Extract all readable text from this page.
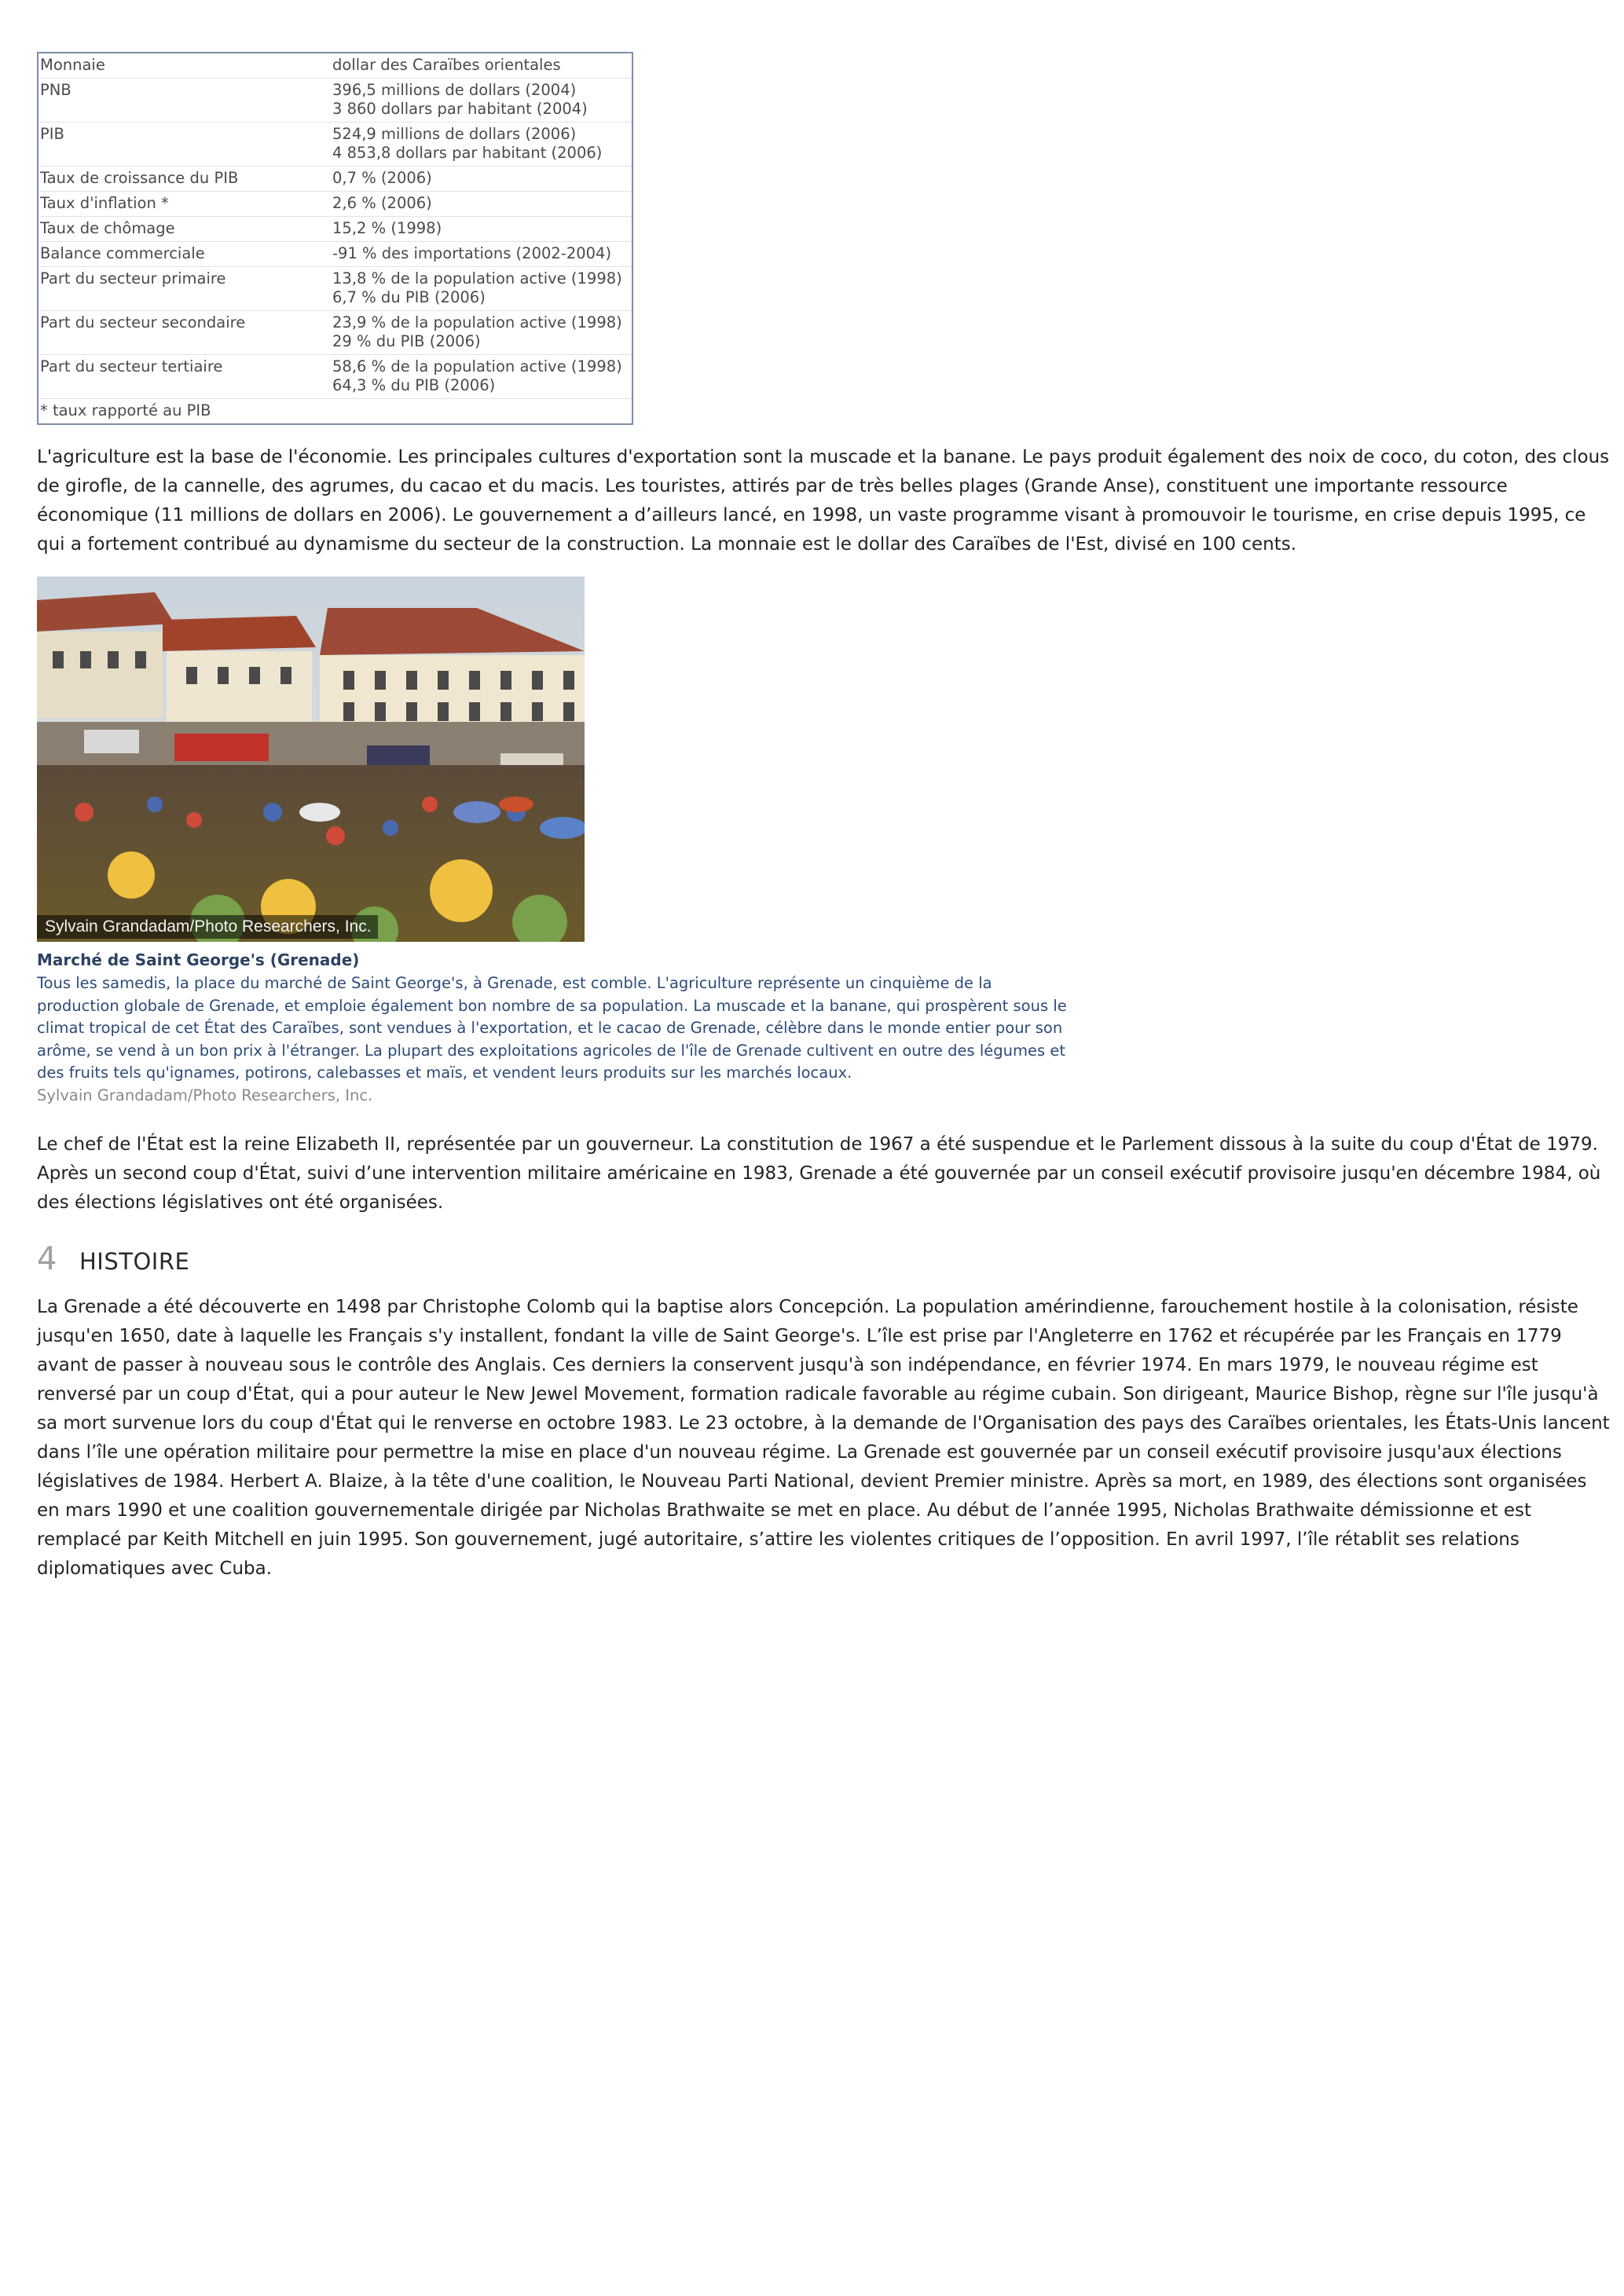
Monnaie	dollar des Caraïbes orientales

PNB	396,5 millions de dollars (2004)
3 860 dollars par habitant (2004)

PIB	524,9 millions de dollars (2006)
4 853,8 dollars par habitant (2006)

Taux de croissance du PIB	0,7 % (2006)

Taux d'inflation *	2,6 % (2006)

Taux de chômage	15,2 % (1998)

Balance commerciale	-91 % des importations (2002-2004)

Part du secteur primaire	13,8 % de la population active (1998)
6,7 % du PIB (2006)

Part du secteur secondaire	23,9 % de la population active (1998)
29 % du PIB (2006)

Part du secteur tertiaire	58,6 % de la population active (1998)
64,3 % du PIB (2006)

* taux rapporté au PIB	

L'agriculture est la base de l'économie. Les principales cultures d'exportation sont la muscade et la banane. Le pays produit également des noix de coco, du coton, des clous
de girofle, de la cannelle, des agrumes, du cacao et du macis. Les touristes, attirés par de très belles plages (Grande Anse), constituent une importante ressource
économique (11 millions de dollars en 2006). Le gouvernement a d’ailleurs lancé, en 1998, un vaste programme visant à promouvoir le tourisme, en crise depuis 1995, ce
qui a fortement contribué au dynamisme du secteur de la construction. La monnaie est le dollar des Caraïbes de l'Est, divisé en 100 cents.

Sylvain Grandadam/Photo Researchers, Inc.
Marché de Saint George's (Grenade)
Tous les samedis, la place du marché de Saint George's, à Grenade, est comble. L'agriculture représente un cinquième de la
production globale de Grenade, et emploie également bon nombre de sa population. La muscade et la banane, qui prospèrent sous le
climat tropical de cet État des Caraïbes, sont vendues à l'exportation, et le cacao de Grenade, célèbre dans le monde entier pour son
arôme, se vend à un bon prix à l'étranger. La plupart des exploitations agricoles de l'île de Grenade cultivent en outre des légumes et
des fruits tels qu'ignames, potirons, calebasses et maïs, et vendent leurs produits sur les marchés locaux.
Sylvain Grandadam/Photo Researchers, Inc.

Le chef de l'État est la reine Elizabeth II, représentée par un gouverneur. La constitution de 1967 a été suspendue et le Parlement dissous à la suite du coup d'État de 1979.
Après un second coup d'État, suivi d’une intervention militaire américaine en 1983, Grenade a été gouvernée par un conseil exécutif provisoire jusqu'en décembre 1984, où
des élections législatives ont été organisées.

4 HISTOIRE

La Grenade a été découverte en 1498 par Christophe Colomb qui la baptise alors Concepción. La population amérindienne, farouchement hostile à la colonisation, résiste
jusqu'en 1650, date à laquelle les Français s'y installent, fondant la ville de Saint George's. L’île est prise par l'Angleterre en 1762 et récupérée par les Français en 1779
avant de passer à nouveau sous le contrôle des Anglais. Ces derniers la conservent jusqu'à son indépendance, en février 1974. En mars 1979, le nouveau régime est
renversé par un coup d'État, qui a pour auteur le New Jewel Movement, formation radicale favorable au régime cubain. Son dirigeant, Maurice Bishop, règne sur l'île jusqu'à
sa mort survenue lors du coup d'État qui le renverse en octobre 1983. Le 23 octobre, à la demande de l'Organisation des pays des Caraïbes orientales, les États-Unis lancent
dans l’île une opération militaire pour permettre la mise en place d'un nouveau régime. La Grenade est gouvernée par un conseil exécutif provisoire jusqu'aux élections
législatives de 1984. Herbert A. Blaize, à la tête d'une coalition, le Nouveau Parti National, devient Premier ministre. Après sa mort, en 1989, des élections sont organisées
en mars 1990 et une coalition gouvernementale dirigée par Nicholas Brathwaite se met en place. Au début de l’année 1995, Nicholas Brathwaite démissionne et est
remplacé par Keith Mitchell en juin 1995. Son gouvernement, jugé autoritaire, s’attire les violentes critiques de l’opposition. En avril 1997, l’île rétablit ses relations
diplomatiques avec Cuba.
